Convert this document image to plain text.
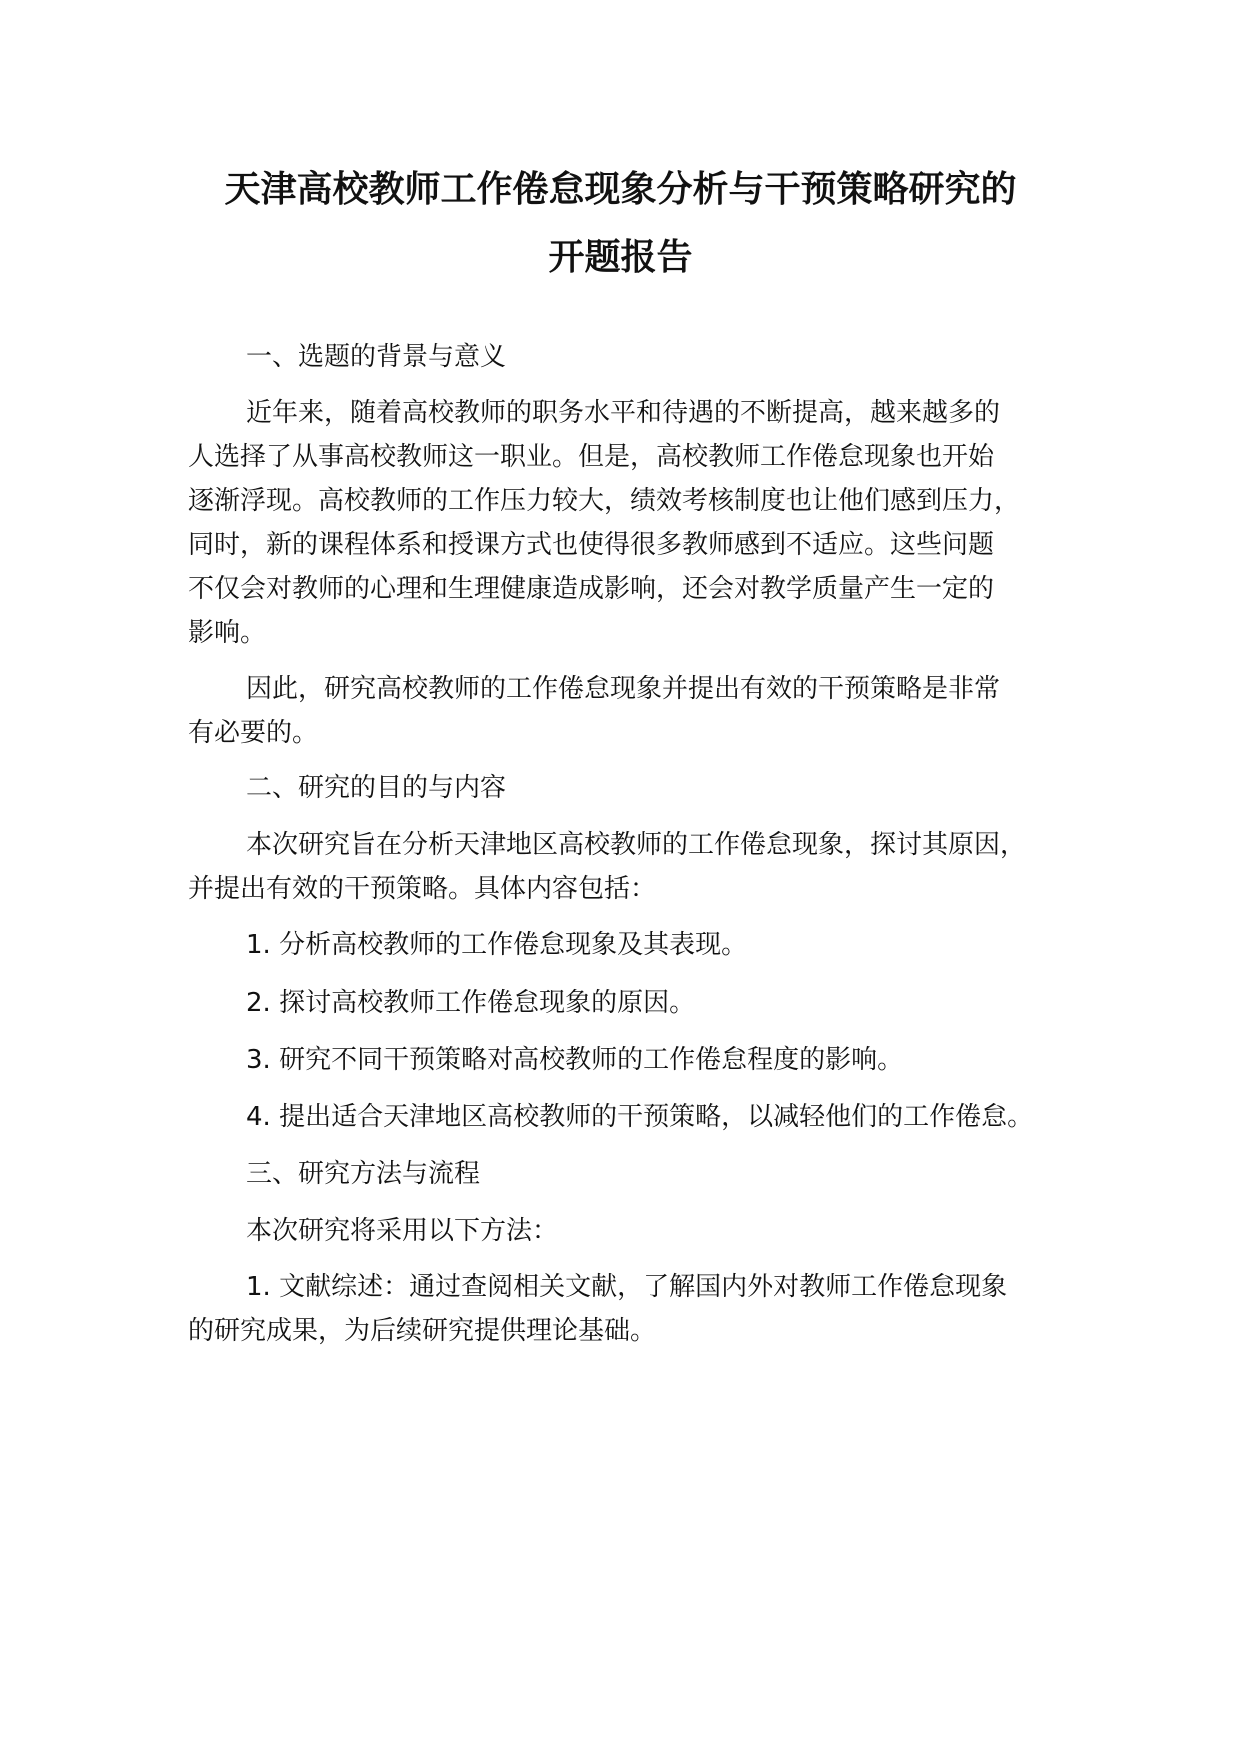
天津高校教师工作倦怠现象分析与干预策略研究的
开题报告
一、选题的背景与意义
近年来，随着高校教师的职务水平和待遇的不断提高，越来越多的
人选择了从事高校教师这一职业。但是，高校教师工作倦怠现象也开始
逐渐浮现。高校教师的工作压力较大，绩效考核制度也让他们感到压力，
同时，新的课程体系和授课方式也使得很多教师感到不适应。这些问题
不仅会对教师的心理和生理健康造成影响，还会对教学质量产生一定的
影响。
因此，研究高校教师的工作倦怠现象并提出有效的干预策略是非常
有必要的。
二、研究的目的与内容
本次研究旨在分析天津地区高校教师的工作倦怠现象，探讨其原因，
并提出有效的干预策略。具体内容包括：
1. 分析高校教师的工作倦怠现象及其表现。
2. 探讨高校教师工作倦怠现象的原因。
3. 研究不同干预策略对高校教师的工作倦怠程度的影响。
4. 提出适合天津地区高校教师的干预策略，以减轻他们的工作倦怠。
三、研究方法与流程
本次研究将采用以下方法：
1. 文献综述：通过查阅相关文献，了解国内外对教师工作倦怠现象
的研究成果，为后续研究提供理论基础。
